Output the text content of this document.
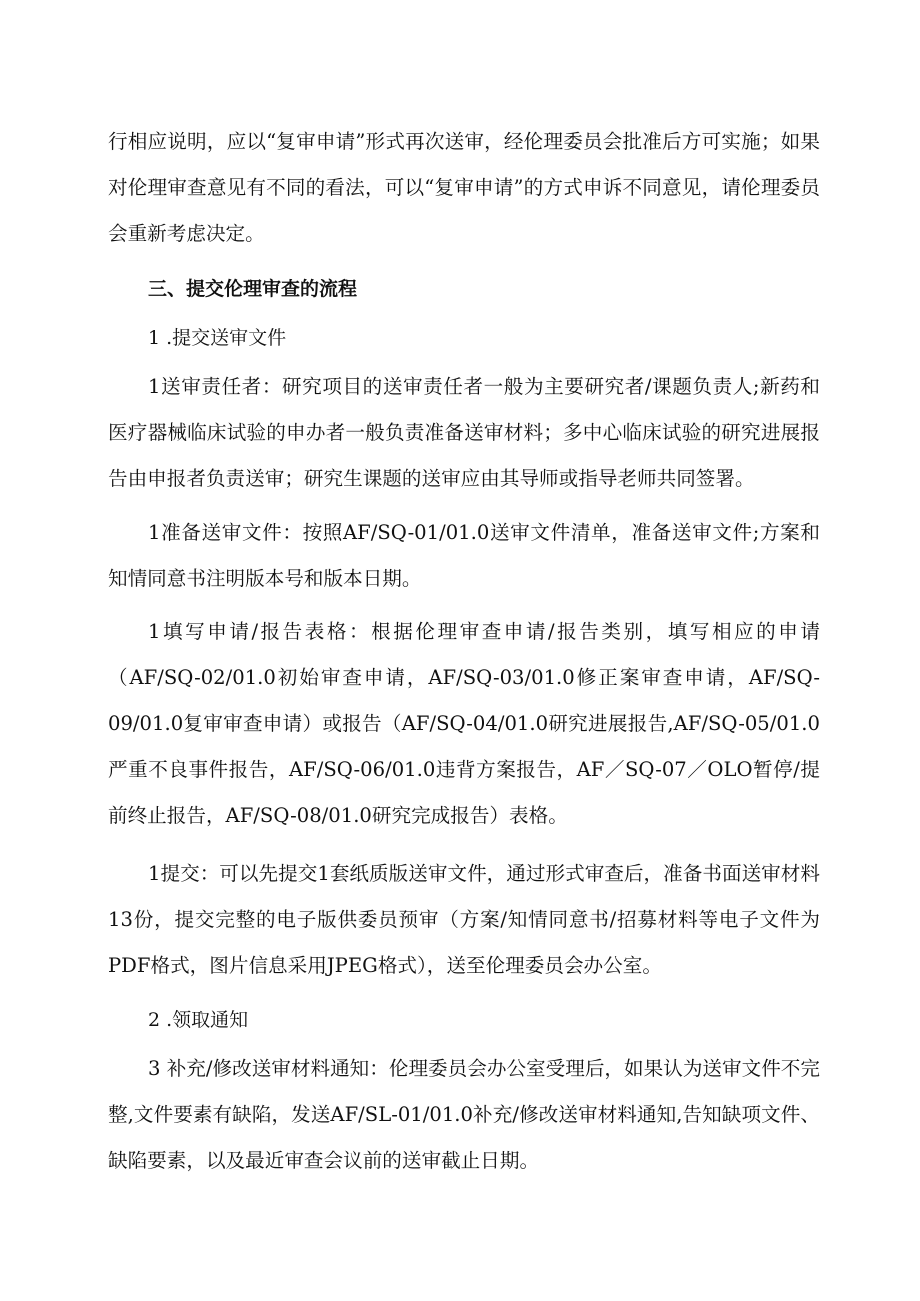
行相应说明，应以“复审申请”形式再次送审，经伦理委员会批准后方可实施；如果对伦理审查意见有不同的看法，可以“复审申请”的方式申诉不同意见，请伦理委员会重新考虑决定。

三、提交伦理审查的流程

1 .提交送审文件

1送审责任者：研究项目的送审责任者一般为主要研究者/课题负责人;新药和医疗器械临床试验的申办者一般负责准备送审材料；多中心临床试验的研究进展报告由申报者负责送审；研究生课题的送审应由其导师或指导老师共同签署。

1准备送审文件：按照AF/SQ-01/01.0送审文件清单，准备送审文件;方案和知情同意书注明版本号和版本日期。

1填写申请/报告表格：根据伦理审查申请/报告类别，填写相应的申请（AF/SQ-02/01.0初始审查申请，AF/SQ-03/01.0修正案审查申请，AF/SQ-09/01.0复审审查申请）或报告（AF/SQ-04/01.0研究进展报告,AF/SQ-05/01.0严重不良事件报告，AF/SQ-06/01.0违背方案报告，AF／SQ-07／OLO暂停/提前终止报告，AF/SQ-08/01.0研究完成报告）表格。

1提交：可以先提交1套纸质版送审文件，通过形式审查后，准备书面送审材料13份，提交完整的电子版供委员预审（方案/知情同意书/招募材料等电子文件为PDF格式，图片信息采用JPEG格式），送至伦理委员会办公室。

2 .领取通知

3 补充/修改送审材料通知：伦理委员会办公室受理后，如果认为送审文件不完整,文件要素有缺陷，发送AF/SL-01/01.0补充/修改送审材料通知,告知缺项文件、缺陷要素，以及最近审查会议前的送审截止日期。
